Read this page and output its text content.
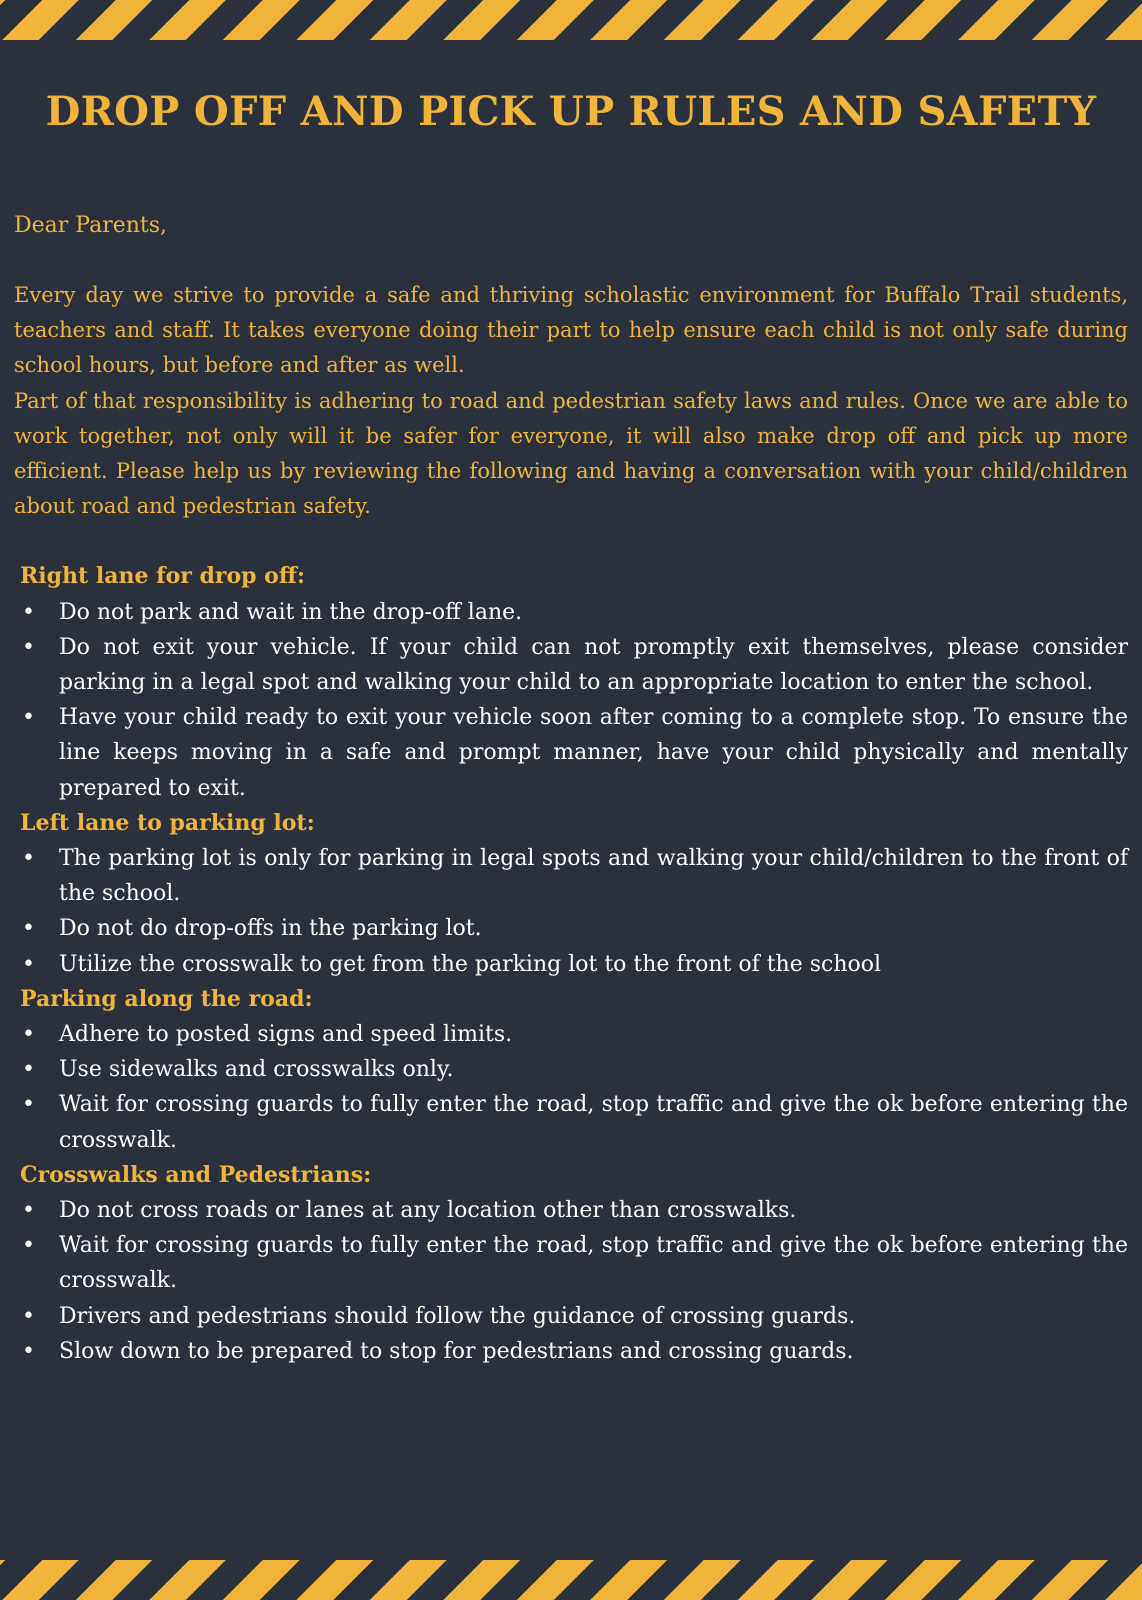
DROP OFF AND PICK UP RULES AND SAFETY

Dear Parents,

Every day we strive to provide a safe and thriving scholastic environment for Buffalo Trail students, teachers and staff. It takes everyone doing their part to help ensure each child is not only safe during school hours, but before and after as well.

Part of that responsibility is adhering to road and pedestrian safety laws and rules. Once we are able to work together, not only will it be safer for everyone, it will also make drop off and pick up more efficient. Please help us by reviewing the following and having a conversation with your child/children about road and pedestrian safety.

Right lane for drop off:
• Do not park and wait in the drop-off lane.
• Do not exit your vehicle. If your child can not promptly exit themselves, please consider parking in a legal spot and walking your child to an appropriate location to enter the school.
• Have your child ready to exit your vehicle soon after coming to a complete stop. To ensure the line keeps moving in a safe and prompt manner, have your child physically and mentally prepared to exit.
Left lane to parking lot:
• The parking lot is only for parking in legal spots and walking your child/children to the front of the school.
• Do not do drop-offs in the parking lot.
• Utilize the crosswalk to get from the parking lot to the front of the school
Parking along the road:
• Adhere to posted signs and speed limits.
• Use sidewalks and crosswalks only.
• Wait for crossing guards to fully enter the road, stop traffic and give the ok before entering the crosswalk.
Crosswalks and Pedestrians:
• Do not cross roads or lanes at any location other than crosswalks.
• Wait for crossing guards to fully enter the road, stop traffic and give the ok before entering the crosswalk.
• Drivers and pedestrians should follow the guidance of crossing guards.
• Slow down to be prepared to stop for pedestrians and crossing guards.
